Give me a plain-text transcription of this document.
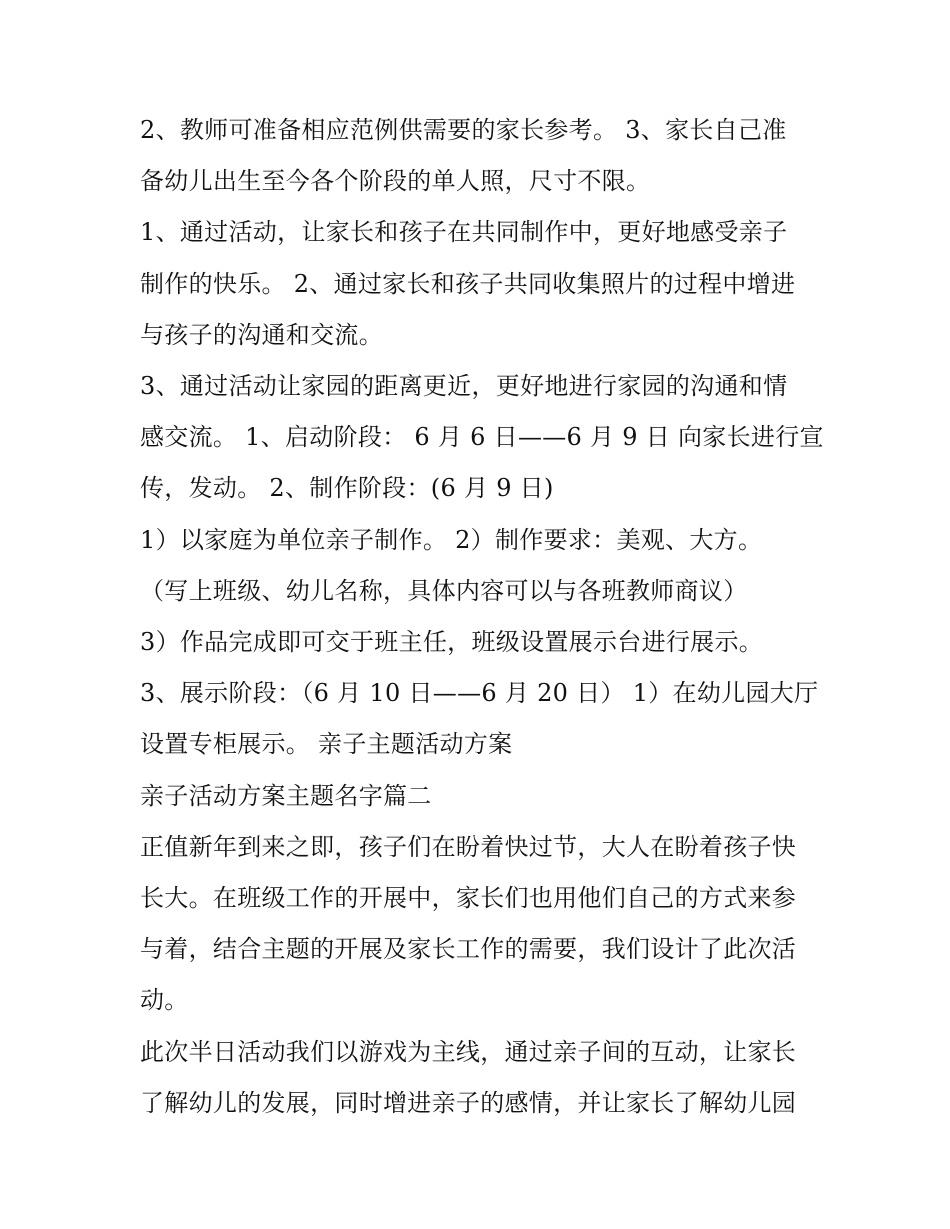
2、教师可准备相应范例供需要的家长参考。 3、家长自己准
备幼儿出生至今各个阶段的单人照，尺寸不限。
1、通过活动，让家长和孩子在共同制作中，更好地感受亲子
制作的快乐。 2、通过家长和孩子共同收集照片的过程中增进
与孩子的沟通和交流。
3、通过活动让家园的距离更近，更好地进行家园的沟通和情
感交流。 1、启动阶段： 6 月 6 日——6 月 9 日 向家长进行宣
传，发动。 2、制作阶段：(6 月 9 日)
1）以家庭为单位亲子制作。 2）制作要求：美观、大方。
（写上班级、幼儿名称，具体内容可以与各班教师商议）
3）作品完成即可交于班主任，班级设置展示台进行展示。
3、展示阶段：（6 月 10 日——6 月 20 日） 1）在幼儿园大厅
设置专柜展示。 亲子主题活动方案
亲子活动方案主题名字篇二
正值新年到来之即，孩子们在盼着快过节，大人在盼着孩子快
长大。在班级工作的开展中，家长们也用他们自己的方式来参
与着，结合主题的开展及家长工作的需要，我们设计了此次活
动。
此次半日活动我们以游戏为主线，通过亲子间的互动，让家长
了解幼儿的发展，同时增进亲子的感情，并让家长了解幼儿园
